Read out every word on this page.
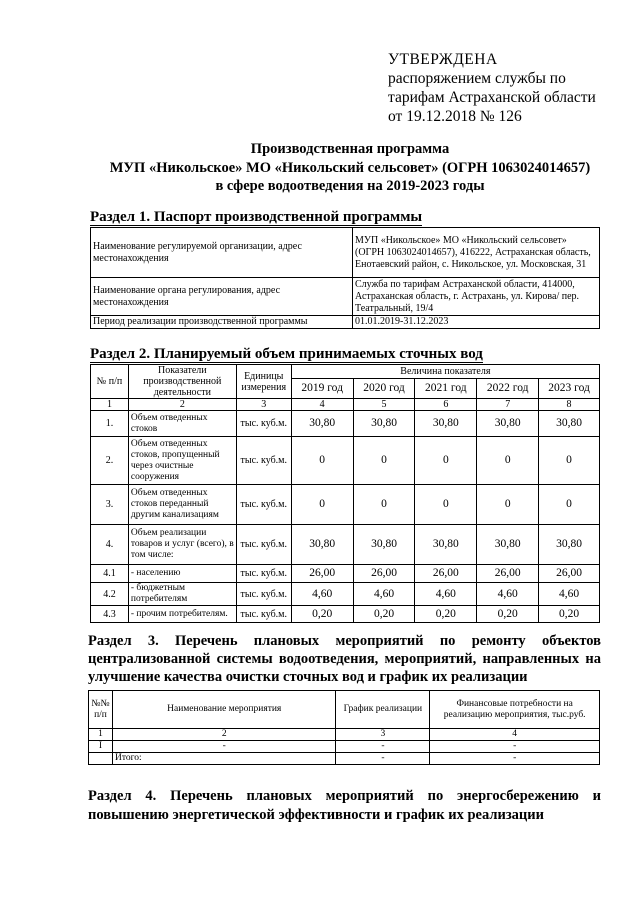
УТВЕРЖДЕНА
распоряжением службы по
тарифам Астраханской области
от 19.12.2018 № 126
Производственная программа
МУП «Никольское» МО «Никольский сельсовет» (ОГРН 1063024014657)
в сфере водоотведения на 2019-2023 годы
Раздел 1. Паспорт производственной программы
Наименование регулируемой организации, адрес местонахождения	МУП «Никольское» МО «Никольский сельсовет» (ОГРН 1063024014657), 416222, Астраханская область, Енотаевский район, с. Никольское, ул. Московская, 31
Наименование органа регулирования, адрес местонахождения	Служба по тарифам Астраханской области, 414000, Астраханская область, г. Астрахань, ул. Кирова/ пер. Театральный, 19/4
Период реализации производственной программы	01.01.2019-31.12.2023
Раздел 2. Планируемый объем принимаемых сточных вод
№ п/п	Показатели производственной деятельности	Единицы измерения	Величина показателя				
			2019 год	2020 год	2021 год	2022 год	2023 год
1	2	3	4	5	6	7	8
1.	Объем отведенных стоков	тыс. куб.м.	30,80	30,80	30,80	30,80	30,80
2.	Объем отведенных стоков, пропущенный через очистные сооружения	тыс. куб.м.	0	0	0	0	0
3.	Объем отведенных стоков переданный другим канализациям	тыс. куб.м.	0	0	0	0	0
4.	Объем реализации товаров и услуг (всего), в том числе:	тыс. куб.м.	30,80	30,80	30,80	30,80	30,80
4.1	- населению	тыс. куб.м.	26,00	26,00	26,00	26,00	26,00
4.2	- бюджетным потребителям	тыс. куб.м.	4,60	4,60	4,60	4,60	4,60
4.3	- прочим потребителям.	тыс. куб.м.	0,20	0,20	0,20	0,20	0,20
Раздел 3. Перечень плановых мероприятий по ремонту объектов централизованной системы водоотведения, мероприятий, направленных на улучшение качества очистки сточных вод и график их реализации
№№ п/п	Наименование мероприятия	График реализации	Финансовые потребности на реализацию мероприятия, тыс.руб.
1	2	3	4
I	-	-	-
	Итого:	-	-
Раздел 4. Перечень плановых мероприятий по энергосбережению и повышению энергетической эффективности и график их реализации
